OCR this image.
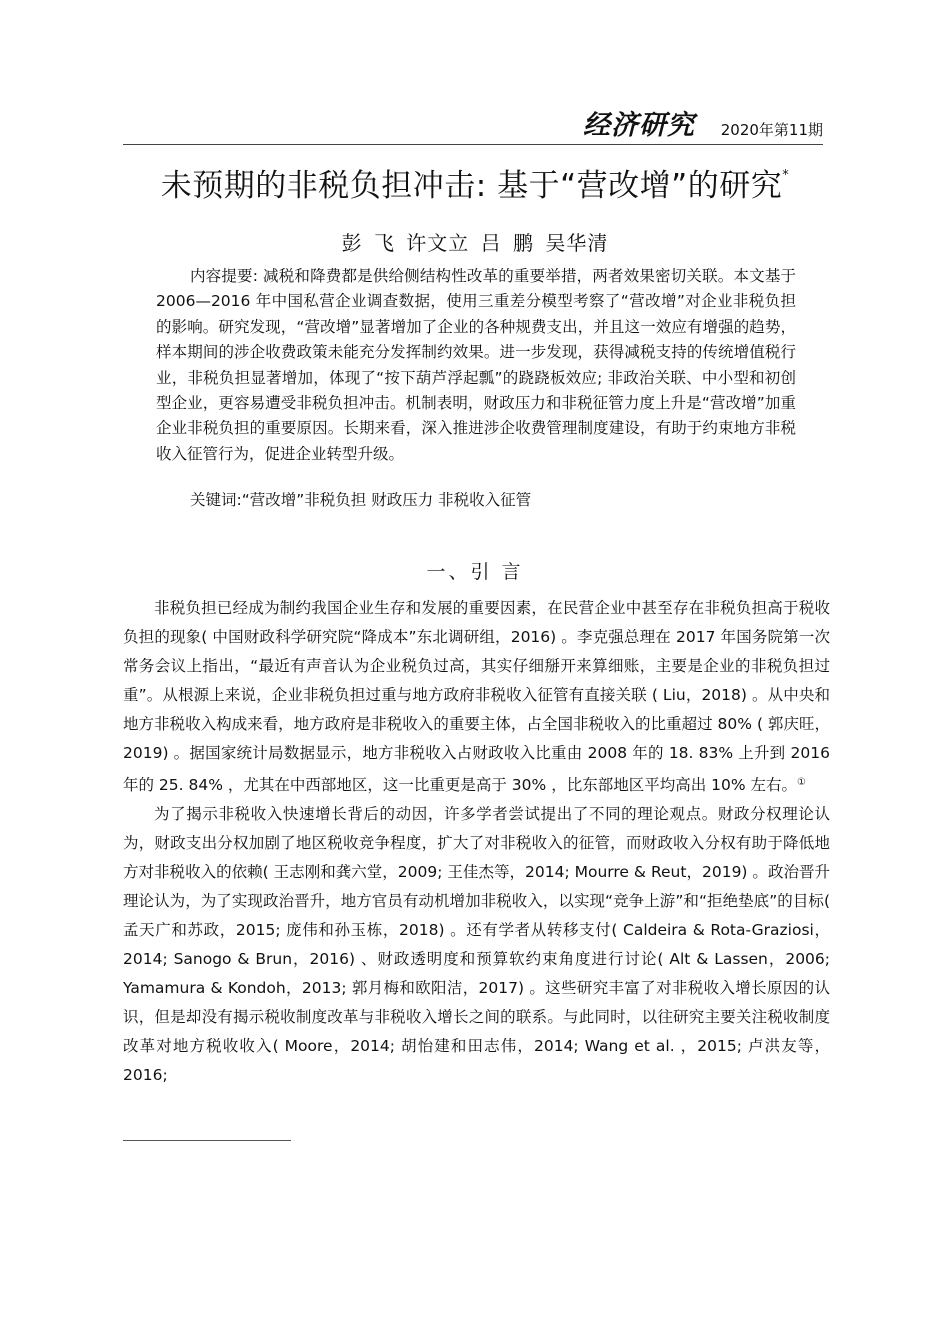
经济研究 2020年第11期
未预期的非税负担冲击: 基于“营改增”的研究*
彭 飞 许文立 吕 鹏 吴华清

内容提要: 减税和降费都是供给侧结构性改革的重要举措，两者效果密切关联。本文基于 2006—2016 年中国私营企业调查数据，使用三重差分模型考察了“营改增”对企业非税负担的影响。研究发现，“营改增”显著增加了企业的各种规费支出，并且这一效应有增强的趋势，样本期间的涉企收费政策未能充分发挥制约效果。进一步发现，获得减税支持的传统增值税行业，非税负担显著增加，体现了“按下葫芦浮起瓢”的跷跷板效应; 非政治关联、中小型和初创型企业，更容易遭受非税负担冲击。机制表明，财政压力和非税征管力度上升是“营改增”加重企业非税负担的重要原因。长期来看，深入推进涉企收费管理制度建设，有助于约束地方非税收入征管行为，促进企业转型升级。

关键词:“营改增”非税负担 财政压力 非税收入征管
一、引 言

非税负担已经成为制约我国企业生存和发展的重要因素，在民营企业中甚至存在非税负担高于税收负担的现象( 中国财政科学研究院“降成本”东北调研组，2016) 。李克强总理在 2017 年国务院第一次常务会议上指出，“最近有声音认为企业税负过高，其实仔细掰开来算细账，主要是企业的非税负担过重”。从根源上来说，企业非税负担过重与地方政府非税收入征管有直接关联 ( Liu，2018) 。从中央和地方非税收入构成来看，地方政府是非税收入的重要主体，占全国非税收入的比重超过 80% ( 郭庆旺，2019) 。据国家统计局数据显示，地方非税收入占财政收入比重由 2008 年的 18. 83% 上升到 2016 年的 25. 84% ，尤其在中西部地区，这一比重更是高于 30% ，比东部地区平均高出 10% 左右。①

为了揭示非税收入快速增长背后的动因，许多学者尝试提出了不同的理论观点。财政分权理论认为，财政支出分权加剧了地区税收竞争程度，扩大了对非税收入的征管，而财政收入分权有助于降低地方对非税收入的依赖( 王志刚和龚六堂，2009; 王佳杰等，2014; Mourre & Reut，2019) 。政治晋升理论认为，为了实现政治晋升，地方官员有动机增加非税收入，以实现“竞争上游”和“拒绝垫底”的目标( 孟天广和苏政，2015; 庞伟和孙玉栋，2018) 。还有学者从转移支付( Caldeira & Rota-Graziosi，2014; Sanogo & Brun，2016) 、财政透明度和预算软约束角度进行讨论( Alt & Lassen，2006; Yamamura & Kondoh，2013; 郭月梅和欧阳洁，2017) 。这些研究丰富了对非税收入增长原因的认识，但是却没有揭示税收制度改革与非税收入增长之间的联系。与此同时，以往研究主要关注税收制度改革对地方税收收入( Moore，2014; 胡怡建和田志伟，2014; Wang et al. ，2015; 卢洪友等，2016;
